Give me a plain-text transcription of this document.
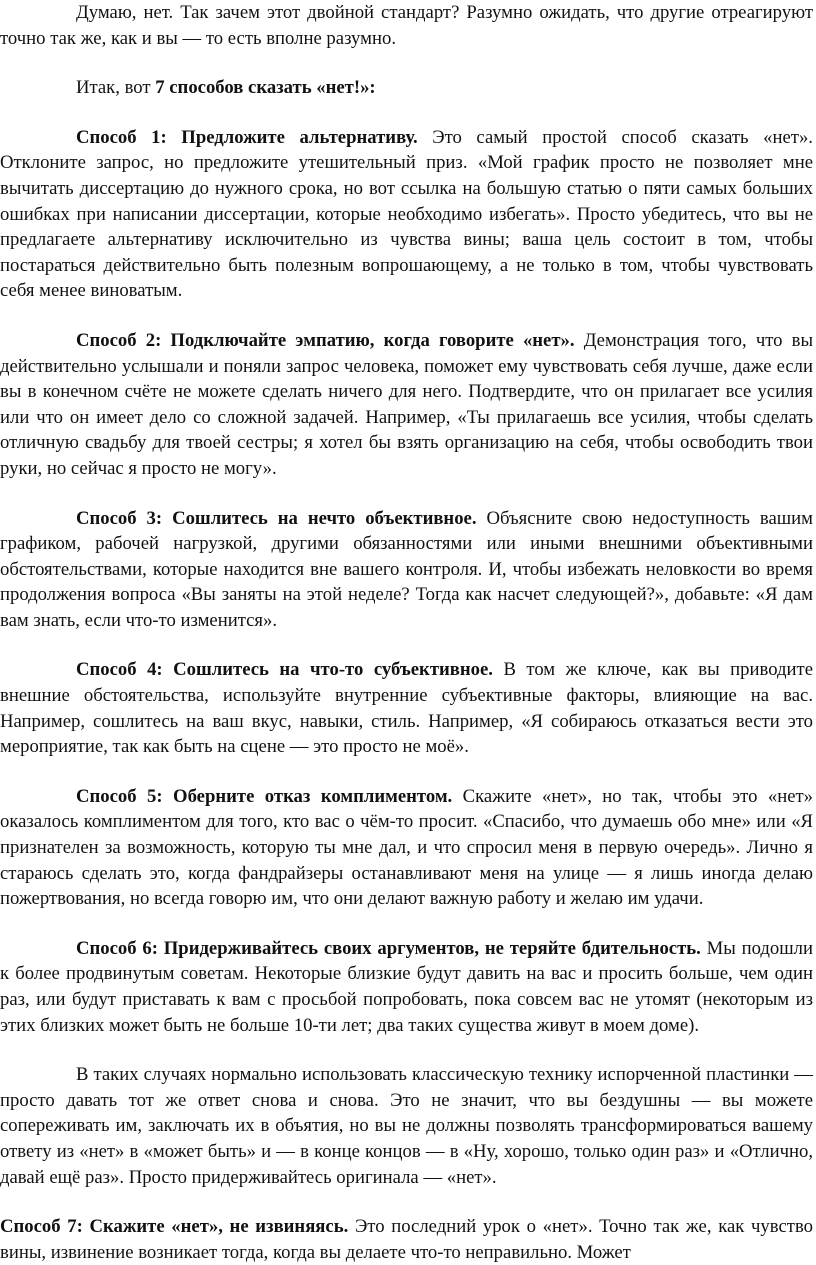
Думаю, нет. Так зачем этот двойной стандарт? Разумно ожидать, что другие отреагируют точно так же, как и вы — то есть вполне разумно.

Итак, вот 7 способов сказать «нет!»:

Способ 1: Предложите альтернативу. Это самый простой способ сказать «нет». Отклоните запрос, но предложите утешительный приз. «Мой график просто не позволяет мне вычитать диссертацию до нужного срока, но вот ссылка на большую статью о пяти самых больших ошибках при написании диссертации, которые необходимо избегать». Просто убедитесь, что вы не предлагаете альтернативу исключительно из чувства вины; ваша цель состоит в том, чтобы постараться действительно быть полезным вопрошающему, а не только в том, чтобы чувствовать себя менее виноватым.

Способ 2: Подключайте эмпатию, когда говорите «нет». Демонстрация того, что вы действительно услышали и поняли запрос человека, поможет ему чувствовать себя лучше, даже если вы в конечном счёте не можете сделать ничего для него. Подтвердите, что он прилагает все усилия или что он имеет дело со сложной задачей. Например, «Ты прилагаешь все усилия, чтобы сделать отличную свадьбу для твоей сестры; я хотел бы взять организацию на себя, чтобы освободить твои руки, но сейчас я просто не могу».

Способ 3: Сошлитесь на нечто объективное. Объясните свою недоступность вашим графиком, рабочей нагрузкой, другими обязанностями или иными внешними объективными обстоятельствами, которые находится вне вашего контроля. И, чтобы избежать неловкости во время продолжения вопроса «Вы заняты на этой неделе? Тогда как насчет следующей?», добавьте: «Я дам вам знать, если что-то изменится».

Способ 4: Сошлитесь на что-то субъективное. В том же ключе, как вы приводите внешние обстоятельства, используйте внутренние субъективные факторы, влияющие на вас. Например, сошлитесь на ваш вкус, навыки, стиль. Например, «Я собираюсь отказаться вести это мероприятие, так как быть на сцене — это просто не моё».

Способ 5: Оберните отказ комплиментом. Скажите «нет», но так, чтобы это «нет» оказалось комплиментом для того, кто вас о чём-то просит. «Спасибо, что думаешь обо мне» или «Я признателен за возможность, которую ты мне дал, и что спросил меня в первую очередь». Лично я стараюсь сделать это, когда фандрайзеры останавливают меня на улице — я лишь иногда делаю пожертвования, но всегда говорю им, что они делают важную работу и желаю им удачи.

Способ 6: Придерживайтесь своих аргументов, не теряйте бдительность. Мы подошли к более продвинутым советам. Некоторые близкие будут давить на вас и просить больше, чем один раз, или будут приставать к вам с просьбой попробовать, пока совсем вас не утомят (некоторым из этих близких может быть не больше 10-ти лет; два таких существа живут в моем доме).

В таких случаях нормально использовать классическую технику испорченной пластинки — просто давать тот же ответ снова и снова. Это не значит, что вы бездушны — вы можете сопереживать им, заключать их в объятия, но вы не должны позволять трансформироваться вашему ответу из «нет» в «может быть» и — в конце концов — в «Ну, хорошо, только один раз» и «Отлично, давай ещё раз». Просто придерживайтесь оригинала — «нет».

Способ 7: Скажите «нет», не извиняясь. Это последний урок о «нет». Точно так же, как чувство вины, извинение возникает тогда, когда вы делаете что-то неправильно. Может
